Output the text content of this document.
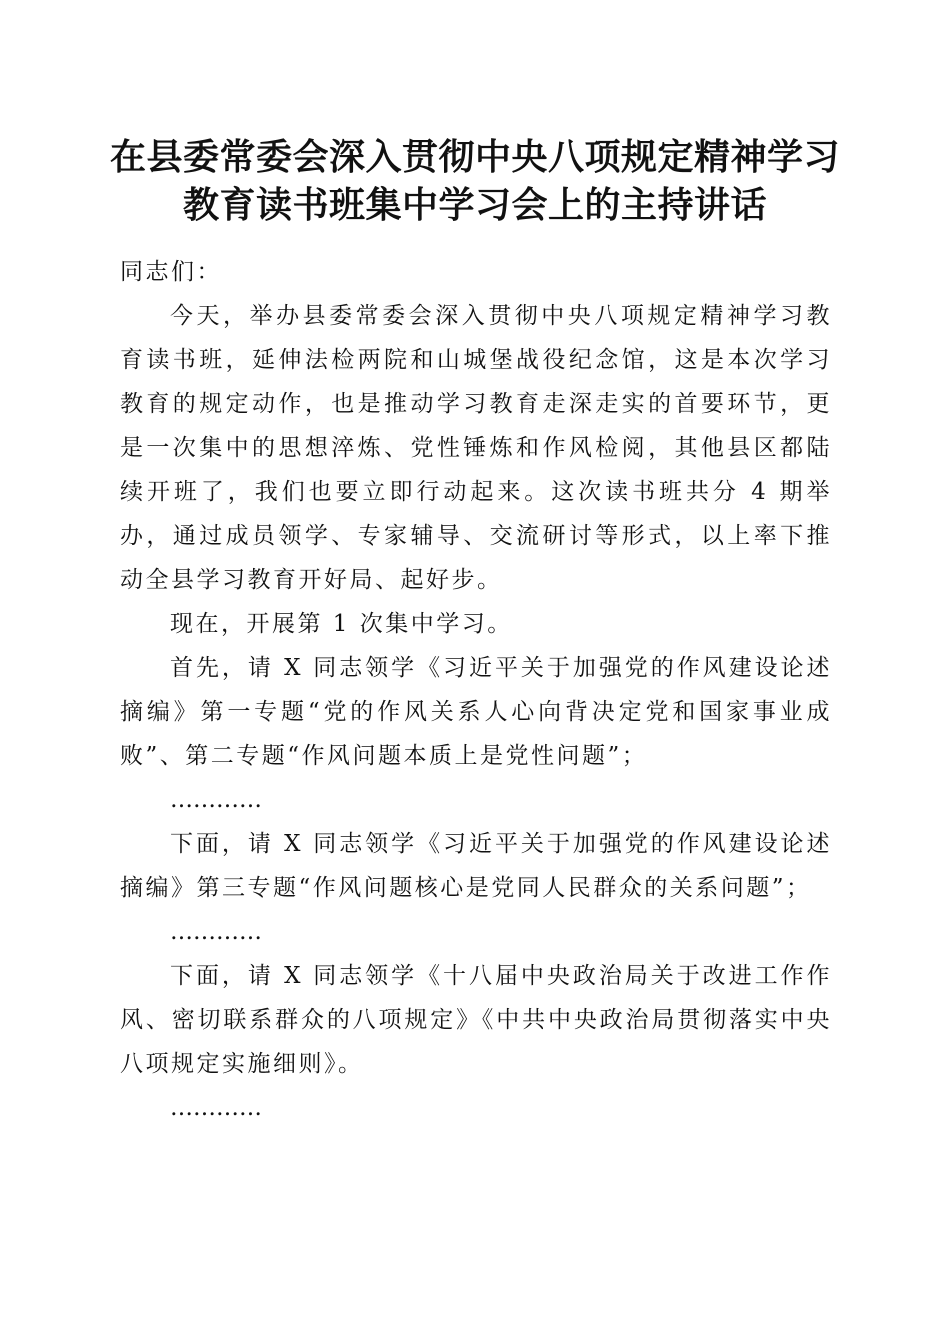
在县委常委会深入贯彻中央八项规定精神学习
教育读书班集中学习会上的主持讲话

同志们：

今天，举办县委常委会深入贯彻中央八项规定精神学习教育读书班，延伸法检两院和山城堡战役纪念馆，这是本次学习教育的规定动作，也是推动学习教育走深走实的首要环节，更是一次集中的思想淬炼、党性锤炼和作风检阅，其他县区都陆续开班了，我们也要立即行动起来。这次读书班共分 4 期举办，通过成员领学、专家辅导、交流研讨等形式，以上率下推动全县学习教育开好局、起好步。

现在，开展第 1 次集中学习。

首先，请 X 同志领学《习近平关于加强党的作风建设论述摘编》第一专题“党的作风关系人心向背决定党和国家事业成败”、第二专题“作风问题本质上是党性问题”；

…………

下面，请 X 同志领学《习近平关于加强党的作风建设论述摘编》第三专题“作风问题核心是党同人民群众的关系问题”；

…………

下面，请 X 同志领学《十八届中央政治局关于改进工作作风、密切联系群众的八项规定》《中共中央政治局贯彻落实中央八项规定实施细则》。

…………
